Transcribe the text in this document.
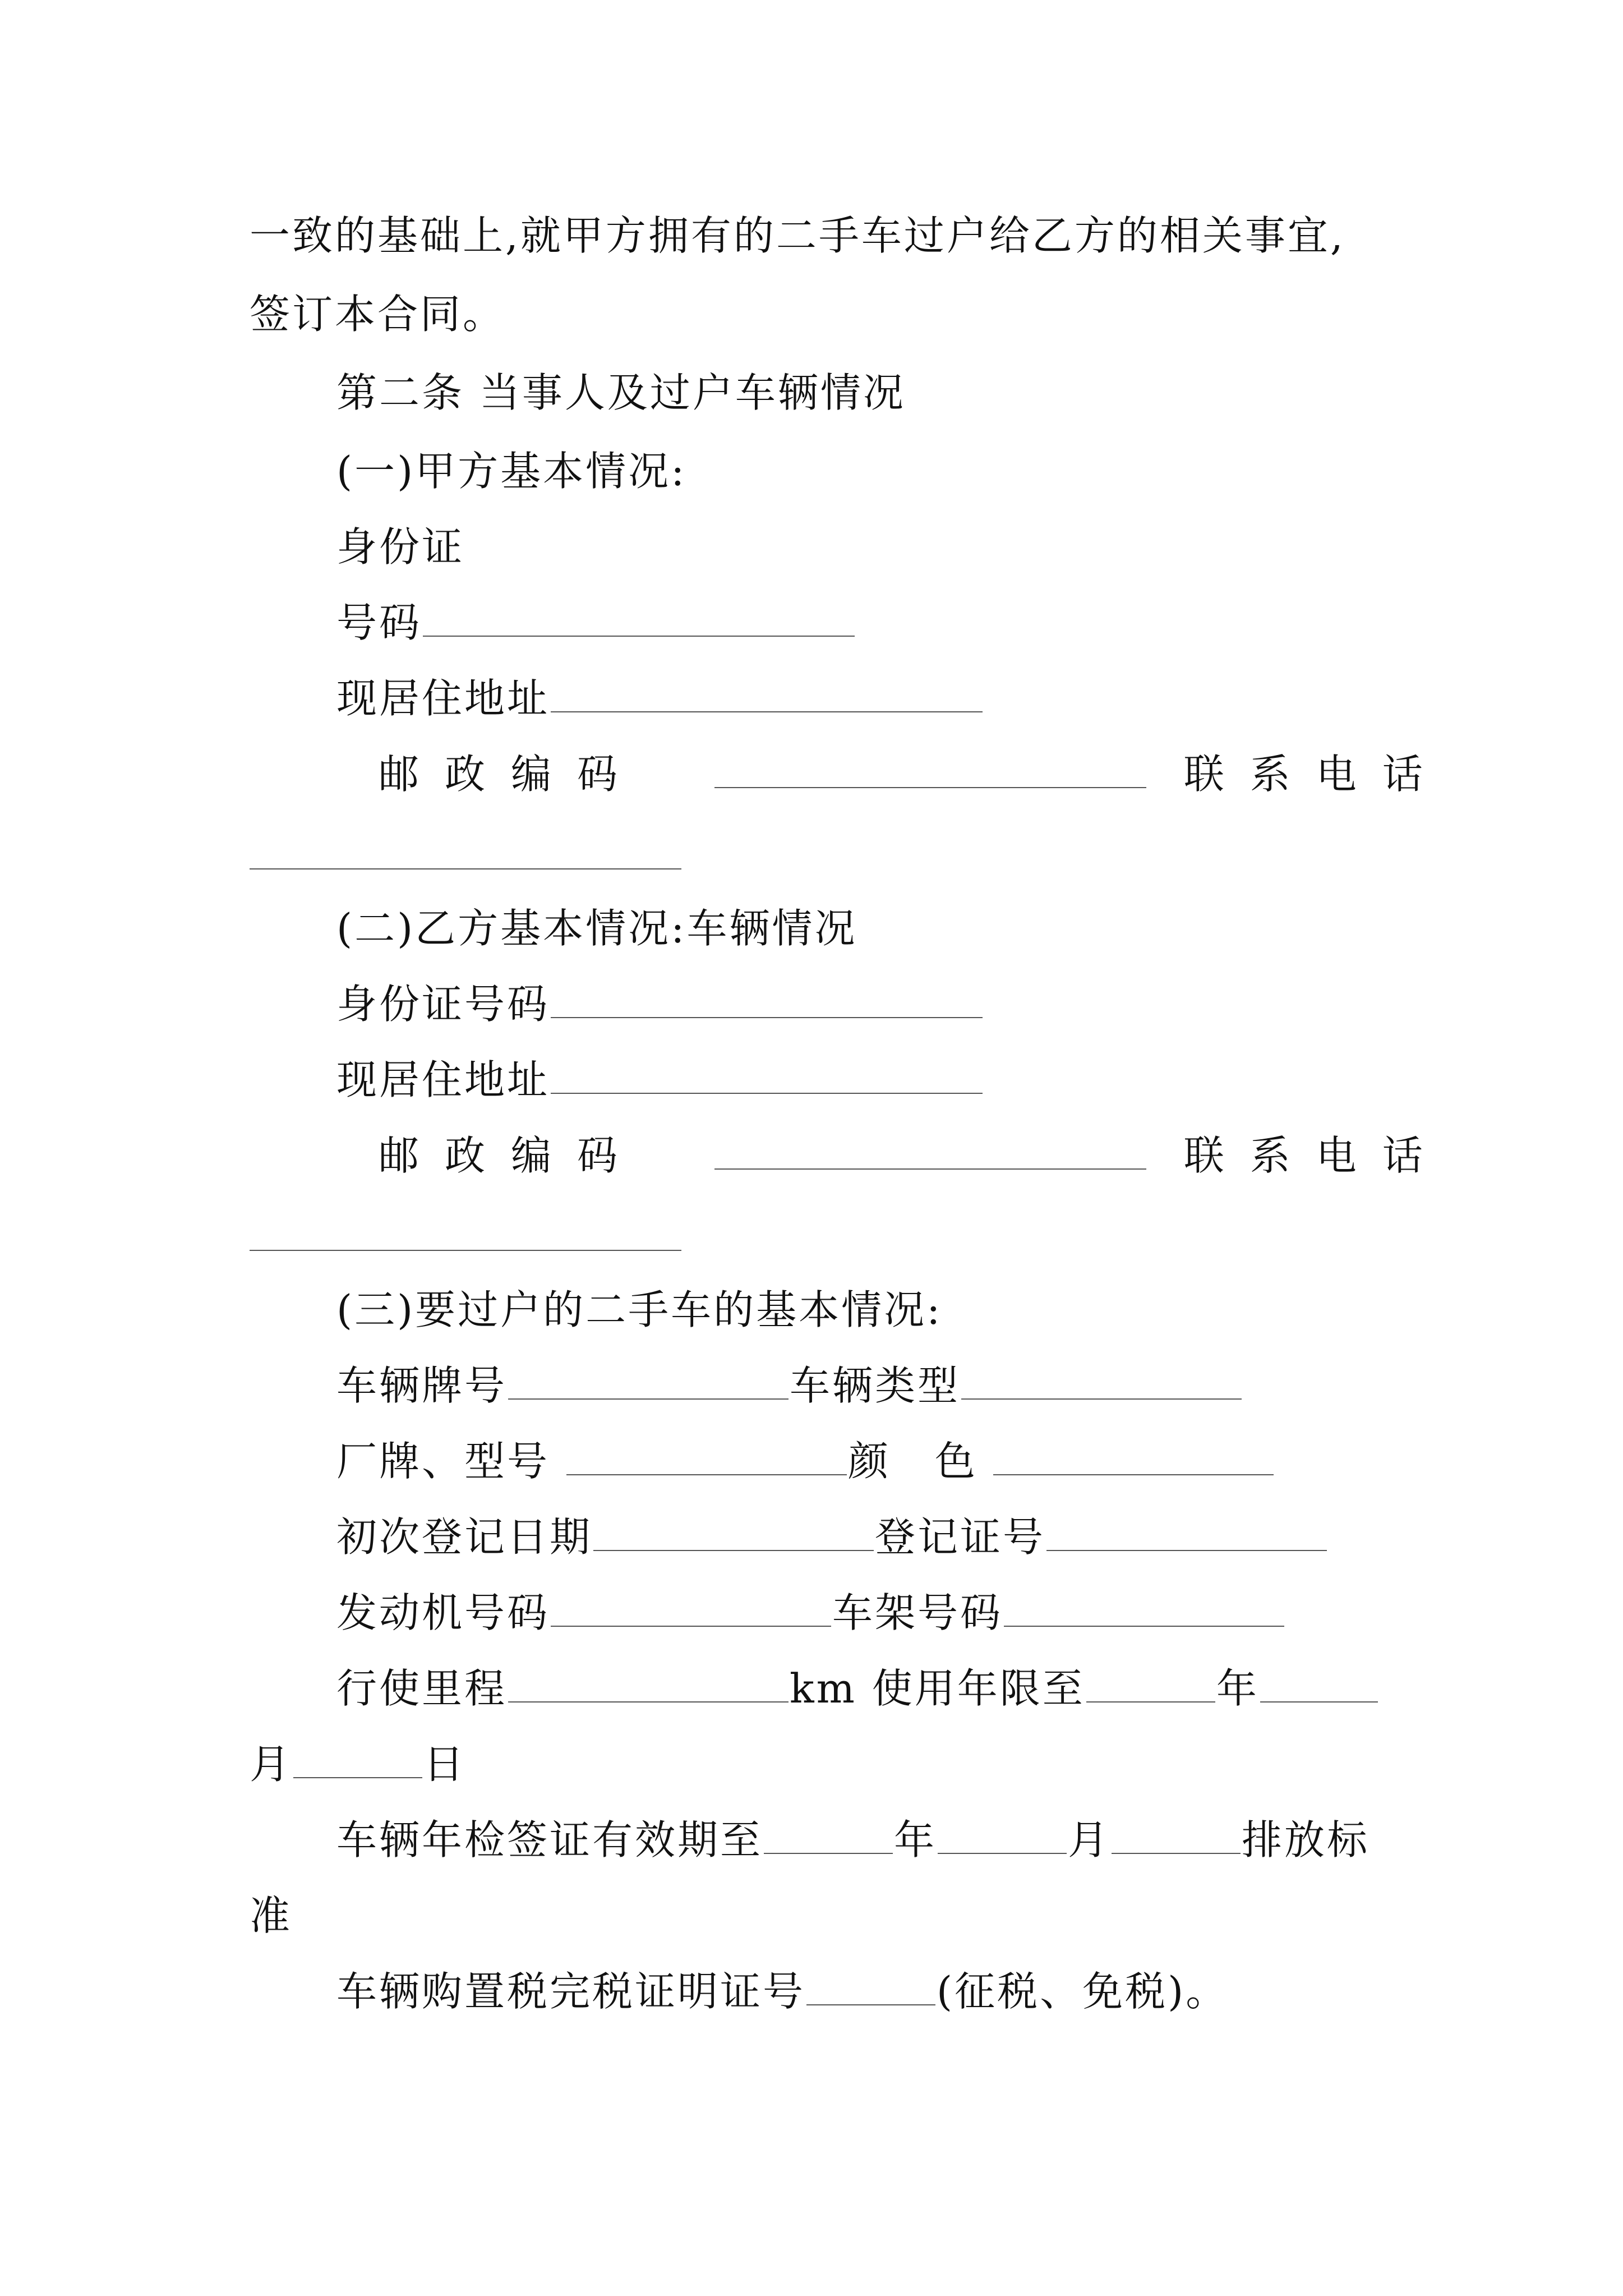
一致的基础上,就甲方拥有的二手车过户给乙方的相关事宜,
签订本合同。
第二条 当事人及过户车辆情况
(一)甲方基本情况:
身份证
号码
现居住地址
邮政编码	联系电话
(二)乙方基本情况:车辆情况
身份证号码
现居住地址
邮政编码	联系电话
(三)要过户的二手车的基本情况:
车辆牌号	车辆类型
厂牌、型号	颜 色
初次登记日期	登记证号
发动机号码	车架号码
行使里程	km 使用年限至	年
月	日
车辆年检签证有效期至	年	月	排放标
准
车辆购置税完税证明证号	(征税、免税)。
